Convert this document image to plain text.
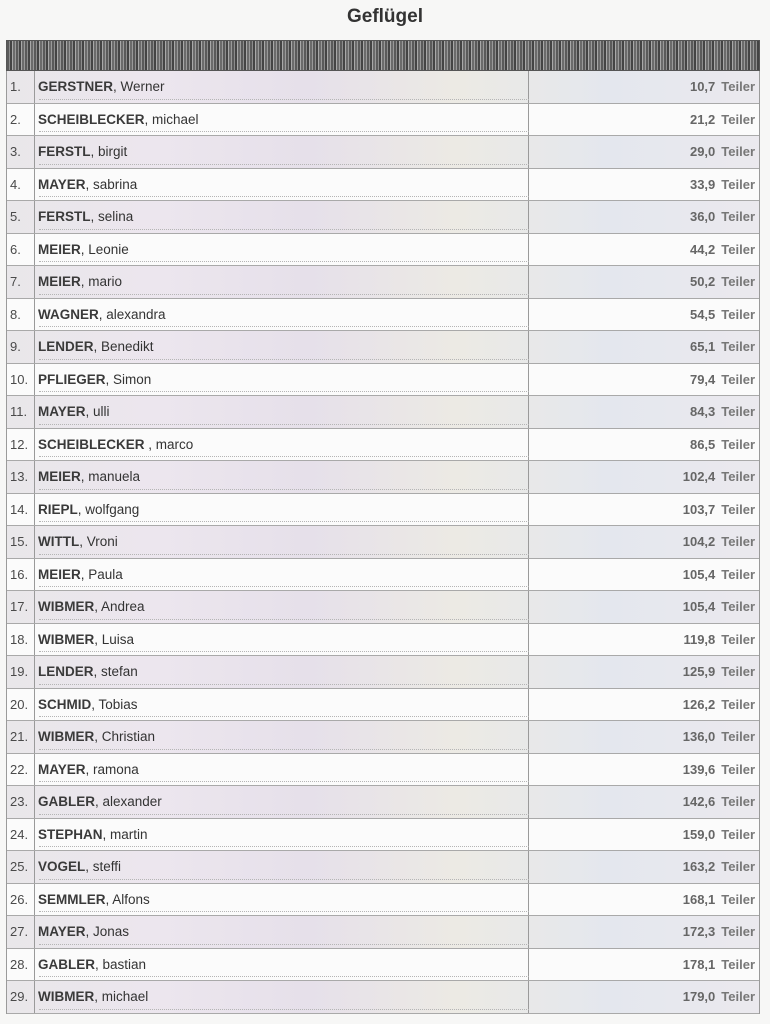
Geflügel
1.	GERSTNER , Werner	10,7 Teiler
2.	SCHEIBLECKER , michael	21,2 Teiler
3.	FERSTL , birgit	29,0 Teiler
4.	MAYER , sabrina	33,9 Teiler
5.	FERSTL , selina	36,0 Teiler
6.	MEIER , Leonie	44,2 Teiler
7.	MEIER , mario	50,2 Teiler
8.	WAGNER , alexandra	54,5 Teiler
9.	LENDER , Benedikt	65,1 Teiler
10. PFLIEGER , Simon	79,4 Teiler
11. MAYER , ulli	84,3 Teiler
12. SCHEIBLECKER , marco	86,5 Teiler
13. MEIER , manuela	102,4 Teiler
14. RIEPL , wolfgang	103,7 Teiler
15. WITTL , Vroni	104,2 Teiler
16. MEIER , Paula	105,4 Teiler
17. WIBMER , Andrea	105,4 Teiler
18. WIBMER , Luisa	119,8 Teiler
19. LENDER , stefan	125,9 Teiler
20. SCHMID , Tobias	126,2 Teiler
21. WIBMER , Christian	136,0 Teiler
22. MAYER , ramona	139,6 Teiler
23. GABLER , alexander	142,6 Teiler
24. STEPHAN , martin	159,0 Teiler
25. VOGEL , steffi	163,2 Teiler
26. SEMMLER , Alfons	168,1 Teiler
27. MAYER , Jonas	172,3 Teiler
28. GABLER , bastian	178,1 Teiler
29. WIBMER , michael	179,0 Teiler
